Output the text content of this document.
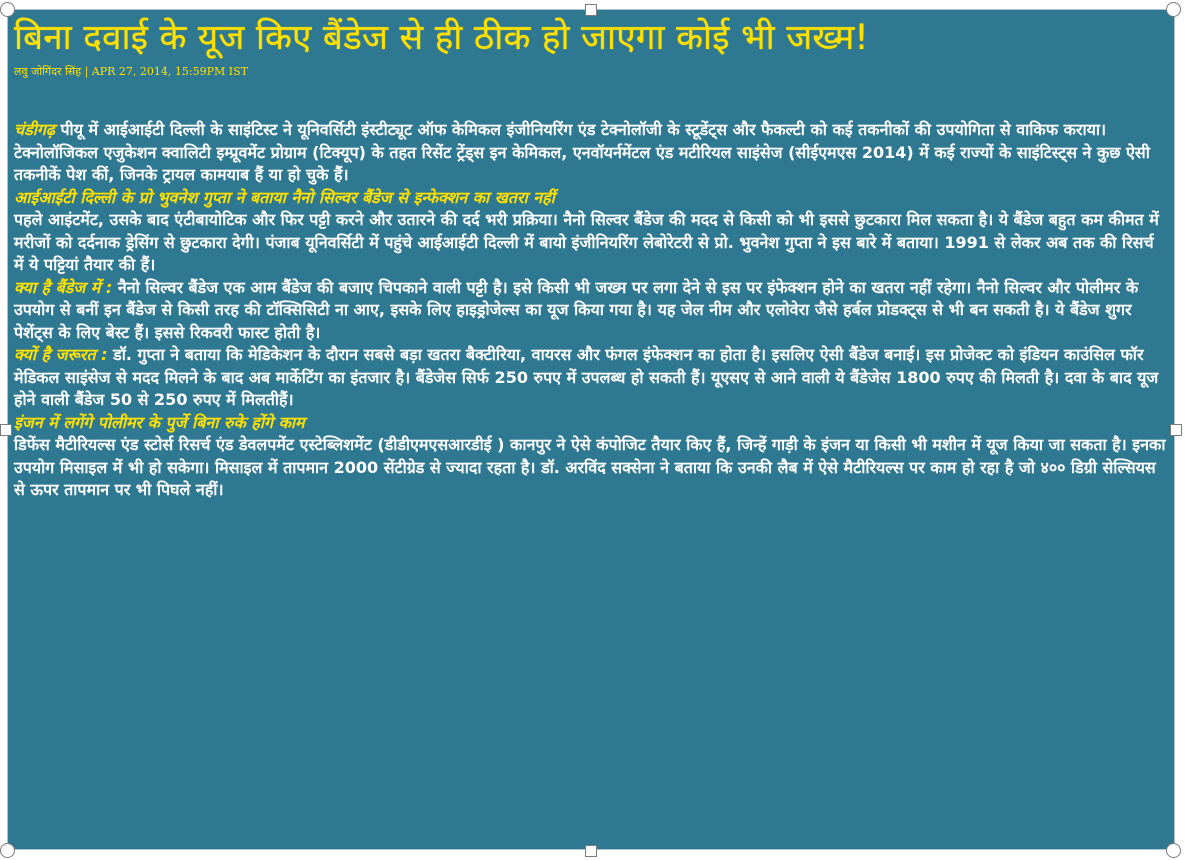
बिना दवाई के यूज किए बैंडेज से ही ठीक हो जाएगा कोई भी जख्म!
लवु जोगिंदर सिंह | APR 27, 2014, 15:59PM IST

चंडीगढ़ पीयू में आईआईटी दिल्ली के साइंटिस्ट ने यूनिवर्सिटी इंस्टीट्यूट ऑफ केमिकल इंजीनियरिंग एंड टेक्नोलॉजी के स्टूडेंट्स और फैकल्टी को कई तकनीकों की उपयोगिता से वाकिफ कराया। टेक्नोलॉजिकल एजुकेशन क्वालिटी इम्प्रूवमेंट प्रोग्राम (टिक्यूप) के तहत रिसेंट ट्रेंड्स इन केमिकल, एनवॉयर्नमेंटल एंड मटीरियल साइंसेज (सीईएमएस 2014) में कई राज्यों के साइंटिस्ट्स ने कुछ ऐसी तकनीकें पेश कीं, जिनके ट्रायल कामयाब हैं या हो चुके हैं।

आईआईटी दिल्ली के प्रो भुवनेश गुप्ता ने बताया नैनो सिल्वर बैंडेज से इन्फेक्शन का खतरा नहीं

पहले आइंटमेंट, उसके बाद एंटीबायोटिक और फिर पट्टी करने और उतारने की दर्द भरी प्रक्रिया। नैनो सिल्वर बैंडेज की मदद से किसी को भी इससे छुटकारा मिल सकता है। ये बैंडेज बहुत कम कीमत में मरीजों को दर्दनाक ड्रेसिंग से छुटकारा देगी। पंजाब यूनिवर्सिटी में पहुंचे आईआईटी दिल्ली में बायो इंजीनियरिंग लेबोरेटरी से प्रो. भुवनेश गुप्ता ने इस बारे में बताया। 1991 से लेकर अब तक की रिसर्च में ये पट्टियां तैयार की हैं।

क्या है बैंडेज में : नैनो सिल्वर बैंडेज एक आम बैंडेज की बजाए चिपकाने वाली पट्टी है। इसे किसी भी जख्म पर लगा देने से इस पर इंफेक्शन होने का खतरा नहीं रहेगा। नैनो सिल्वर और पोलीमर के उपयोग से बनीं इन बैंडेज से किसी तरह की टॉक्सिसिटी ना आए, इसके लिए हाइड्रोजेल्स का यूज किया गया है। यह जेल नीम और एलोवेरा जैसे हर्बल प्रोडक्ट्स से भी बन सकती है। ये बैंडेज शुगर पेशेंट्स के लिए बेस्ट हैं। इससे रिकवरी फास्ट होती है।

क्यों है जरूरत : डॉ. गुप्ता ने बताया कि मेडिकेशन के दौरान सबसे बड़ा खतरा बैक्टीरिया, वायरस और फंगल इंफेक्शन का होता है। इसलिए ऐसी बैंडेज बनाई। इस प्रोजेक्ट को इंडियन काउंसिल फॉर मेडिकल साइंसेज से मदद मिलने के बाद अब मार्केटिंग का इंतजार है। बैंडेजेस सिर्फ 250 रुपए में उपलब्ध हो सकती हैं। यूएसए से आने वाली ये बैंडेजेस 1800 रुपए की मिलती है। दवा के बाद यूज होने वाली बैंडेज 50 से 250 रुपए में मिलतीहैं।

इंजन में लगेंगे पोलीमर के पुर्जे बिना रुके होंगे काम

डिफेंस मैटीरियल्स एंड स्टोर्स रिसर्च एंड डेवलपमेंट एस्टेब्लिशमेंट (डीडीएमएसआरडीई ) कानपुर ने ऐसे कंपोजिट तैयार किए हैं, जिन्हें गाड़ी के इंजन या किसी भी मशीन में यूज किया जा सकता है। इनका उपयोग मिसाइल में भी हो सकेगा। मिसाइल में तापमान 2000 सेंटीग्रेड से ज्यादा रहता है। डॉ. अरविंद सक्सेना ने बताया कि उनकी लैब में ऐसे मैटीरियल्स पर काम हो रहा है जो ४०० डिग्री सेल्सियस से ऊपर तापमान पर भी पिघले नहीं।
